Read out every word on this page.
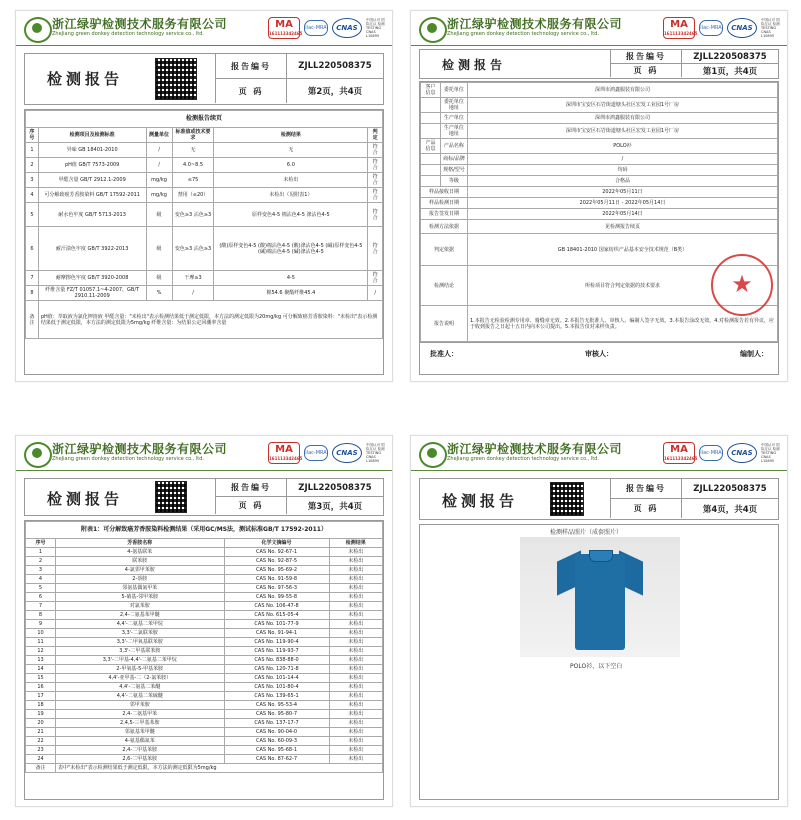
浙江绿驴检测技术服务有限公司
ZheJiang green donkey detection technology service co., ltd.
MA
161113342465
ilac-MRA	CNAS
中国认可 国际互认 检测 TESTING CNAS L10895
检测报告
报告编号	ZJLL220508375
页 码	第2页，共4页
检测报告续页					
序号	检测项目及检测标准	测量单位	标准值或技术要求	检测结果	判定
1	异味 GB 18401-2010	/	无	无	符合
2	pH值 GB/T 7573-2009	/	4.0~8.5	6.0	符合
3	甲醛含量 GB/T 2912.1-2009	mg/kg	≤75	未检出	符合
4	可分解致癌芳香胺染料 GB/T 17592-2011	mg/kg	禁用（≤20）	未检出（见附表1）	符合
5	耐水色牢度 GB/T 5713-2013	级	变色≥3 沾色≥3	原样变色4-5 棉沾色4-5 涤沾色4-5	符合
6	耐汗渍色牢度 GB/T 3922-2013	级	变色≥3 沾色≥3	(酸)原样变色4-5 (酸)棉沾色4-5 (酸)涤沾色4-5 (碱)原样变色4-5 (碱)棉沾色4-5 (碱)涤沾色4-5	符合
7	耐摩擦色牢度 GB/T 3920-2008	级	干摩≥3	4-5	符合
8	纤维含量 FZ/T 01057.1~4-2007、GB/T 2910.11-2009	%	/	棉54.6 聚酯纤维45.4	/
备注	pH值：萃取液为氯化钾溶液 甲醛含量："未检出"表示检测结果低于测定低限，本方法的测定低限为20mg/kg 可分解致癌芳香胺染料："未检出"表示检测结果低于测定低限，本方法的测定低限为5mg/kg 纤维含量：为结果公定回潮率含量				
浙江绿驴检测技术服务有限公司
ZheJiang green donkey detection technology service co., ltd.
MA
161113342465
ilac-MRA	CNAS
中国认可 国际互认 检测 TESTING CNAS L10895
检测报告
报告编号	ZJLL220508375
页 码	第1页，共4页
客户信息	委托单位	深圳市鸿鑫服装有限公司
	委托单位地址	深圳市宝安区石岩街道塘头社区宏发工业园1号厂房
	生产单位	深圳市鸿鑫服装有限公司
	生产单位地址	深圳市宝安区石岩街道塘头社区宏发工业园1号厂房
产品信息	产品名称	POLO衫
	商标/品牌	/
	规格/型号	均码
	等级	合格品
样品接收日期		2022年05月11日
样品检测日期		2022年05月11日 - 2022年05月14日
报告签发日期		2022年05月14日
检测方法依据		见检测报告续页
判定依据		GB 18401-2010 国家纺织产品基本安全技术规范（B类）
检测结论		所检项目符合判定依据的技术要求 ★

报告说明		1.本报告无检验检测专用章、骑缝章无效。2.本报告无批准人、审核人、编制人签字无效。3.本报告涂改无效。4.对检测报告若有异议，应于收到报告之日起十五日内向本公司提出。5.本报告仅对来样负责。
批准人：	审核人：	编制人：
浙江绿驴检测技术服务有限公司
ZheJiang green donkey detection technology service co., ltd.
MA
161113342465
ilac-MRA	CNAS
中国认可 国际互认 检测 TESTING CNAS L10895
检测报告
报告编号	ZJLL220508375
页 码	第3页，共4页
附表1：可分解致癌芳香胺染料检测结果（采用GC/MS法，测试标准GB/T 17592-2011）			
序号	芳香胺名称	化学文摘编号	检测结果
1	4-氨基联苯	CAS No. 92-67-1	未检出
2	联苯胺	CAS No. 92-87-5	未检出
3	4-氯邻甲苯胺	CAS No. 95-69-2	未检出
4	2-萘胺	CAS No. 91-59-8	未检出
5	邻氨基偶氮甲苯	CAS No. 97-56-3	未检出
6	5-硝基-邻甲苯胺	CAS No. 99-55-8	未检出
7	对氯苯胺	CAS No. 106-47-8	未检出
8	2,4-二氨基苯甲醚	CAS No. 615-05-4	未检出
9	4,4'-二氨基二苯甲烷	CAS No. 101-77-9	未检出
10	3,3'-二氯联苯胺	CAS No. 91-94-1	未检出
11	3,3'-二甲氧基联苯胺	CAS No. 119-90-4	未检出
12	3,3'-二甲基联苯胺	CAS No. 119-93-7	未检出
13	3,3'-二甲基-4,4'-二氨基二苯甲烷	CAS No. 838-88-0	未检出
14	2-甲氧基-5-甲基苯胺	CAS No. 120-71-8	未检出
15	4,4'-亚甲基-二（2-氯苯胺）	CAS No. 101-14-4	未检出
16	4,4'-二氨基二苯醚	CAS No. 101-80-4	未检出
17	4,4'-二氨基二苯硫醚	CAS No. 139-65-1	未检出
18	邻甲苯胺	CAS No. 95-53-4	未检出
19	2,4-二氨基甲苯	CAS No. 95-80-7	未检出
20	2,4,5-三甲基苯胺	CAS No. 137-17-7	未检出
21	邻氨基苯甲醚	CAS No. 90-04-0	未检出
22	4-氨基偶氮苯	CAS No. 60-09-3	未检出
23	2,4-二甲基苯胺	CAS No. 95-68-1	未检出
24	2,6-二甲基苯胺	CAS No. 87-62-7	未检出
备注	表中"未检出"表示检测结果低于测定低限，本方法的测定低限为5mg/kg		
浙江绿驴检测技术服务有限公司
ZheJiang green donkey detection technology service co., ltd.
MA
161113342465
ilac-MRA	CNAS
中国认可 国际互认 检测 TESTING CNAS L10895
检测报告
报告编号	ZJLL220508375
页 码	第4页，共4页
检测样品照片（成套照片）
POLO衫，以下空白
